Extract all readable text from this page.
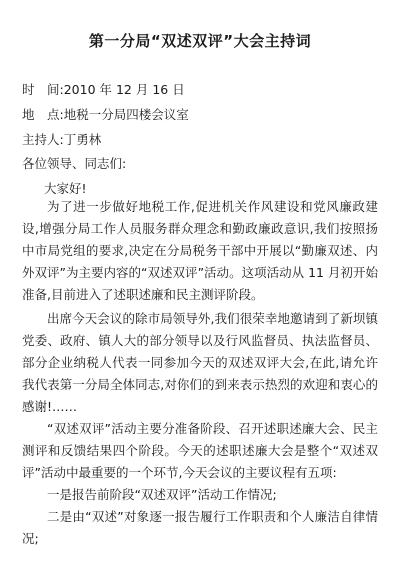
第一分局“双述双评”大会主持词
时　间:2010 年 12 月 16 日
地　点:地税一分局四楼会议室
主持人:丁勇林
各位领导、同志们:
大家好!

为了进一步做好地税工作,促进机关作风建设和党风廉政建设,增强分局工作人员服务群众理念和勤政廉政意识,我们按照扬中市局党组的要求,决定在分局税务干部中开展以“勤廉双述、内外双评”为主要内容的“双述双评”活动。这项活动从 11 月初开始准备,目前进入了述职述廉和民主测评阶段。

出席今天会议的除市局领导外,我们很荣幸地邀请到了新坝镇党委、政府、镇人大的部分领导以及行风监督员、执法监督员、部分企业纳税人代表一同参加今天的双述双评大会,在此,请允许我代表第一分局全体同志,对你们的到来表示热烈的欢迎和衷心的感谢!……

“双述双评”活动主要分准备阶段、召开述职述廉大会、民主测评和反馈结果四个阶段。今天的述职述廉大会是整个“双述双评”活动中最重要的一个环节,今天会议的主要议程有五项:

一是报告前阶段“双述双评”活动工作情况;

二是由“双述”对象逐一报告履行工作职责和个人廉洁自律情况;
